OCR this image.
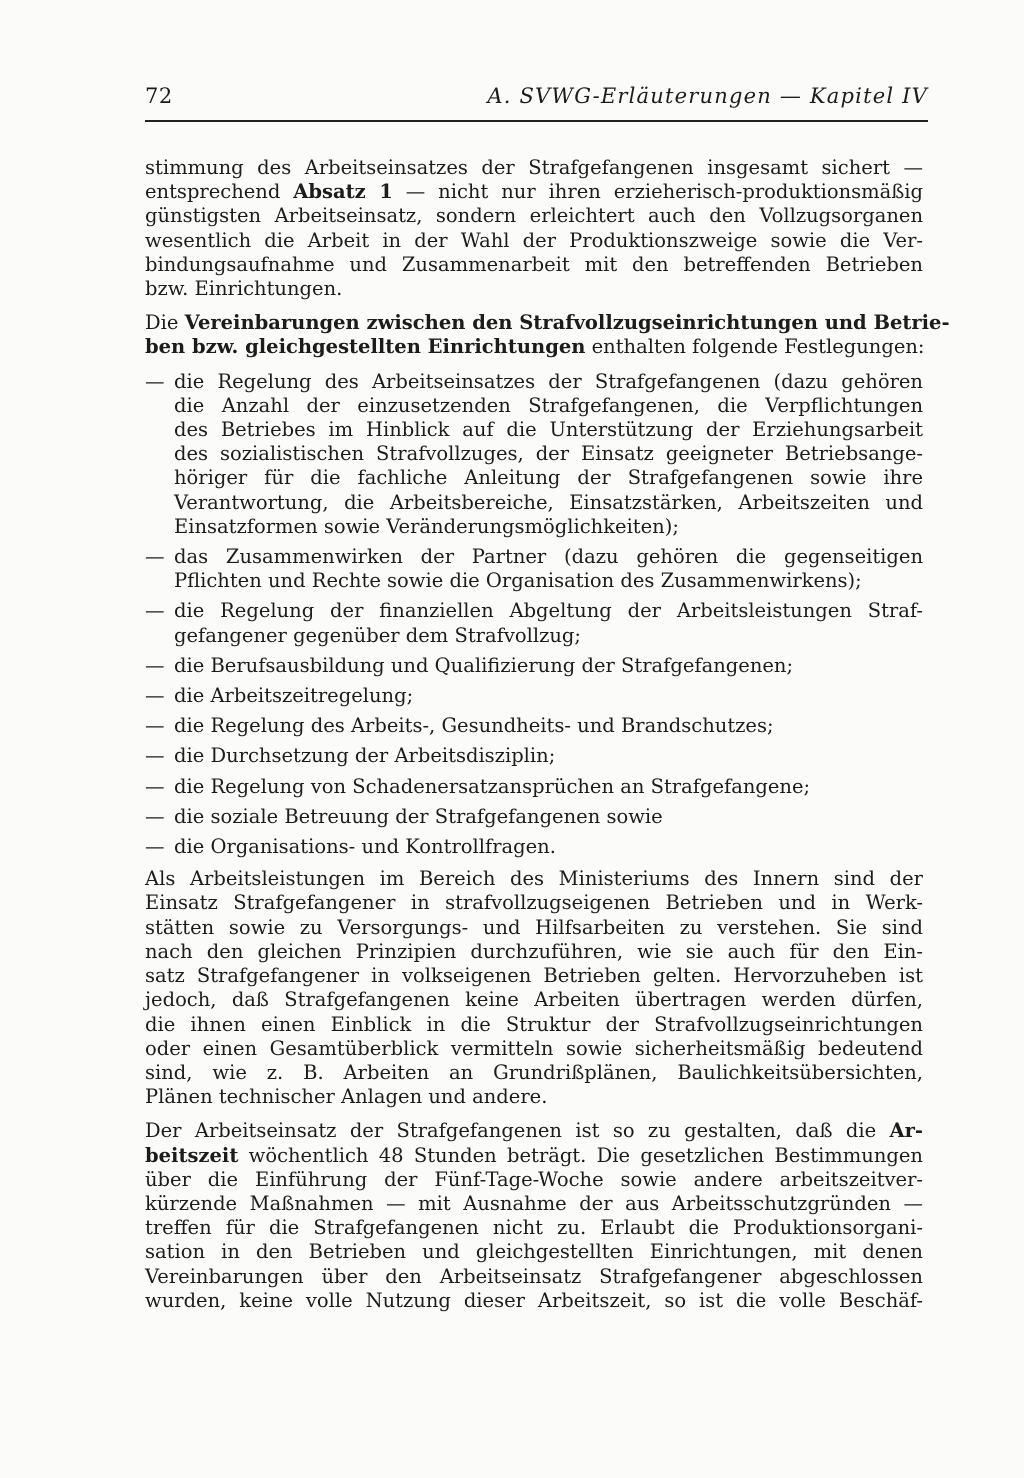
72	A. SVWG-Erläuterungen — Kapitel IV
stimmung des Arbeitseinsatzes der Strafgefangenen insgesamt sichert —
entsprechend Absatz 1 — nicht nur ihren erzieherisch-produktionsmäßig
günstigsten Arbeitseinsatz, sondern erleichtert auch den Vollzugsorganen
wesentlich die Arbeit in der Wahl der Produktionszweige sowie die Ver-
bindungsaufnahme und Zusammenarbeit mit den betreffenden Betrieben
bzw. Einrichtungen.
Die Vereinbarungen zwischen den Strafvollzugseinrichtungen und Betrie-
ben bzw. gleichgestellten Einrichtungen enthalten folgende Festlegungen:
— die Regelung des Arbeitseinsatzes der Strafgefangenen (dazu gehören
die Anzahl der einzusetzenden Strafgefangenen, die Verpflichtungen
des Betriebes im Hinblick auf die Unterstützung der Erziehungsarbeit
des sozialistischen Strafvollzuges, der Einsatz geeigneter Betriebsange-
höriger für die fachliche Anleitung der Strafgefangenen sowie ihre
Verantwortung, die Arbeitsbereiche, Einsatzstärken, Arbeitszeiten und
Einsatzformen sowie Veränderungsmöglichkeiten);
— das Zusammenwirken der Partner (dazu gehören die gegenseitigen
Pflichten und Rechte sowie die Organisation des Zusammenwirkens);
— die Regelung der finanziellen Abgeltung der Arbeitsleistungen Straf-
gefangener gegenüber dem Strafvollzug;
— die Berufsausbildung und Qualifizierung der Strafgefangenen;
— die Arbeitszeitregelung;
— die Regelung des Arbeits-, Gesundheits- und Brandschutzes;
— die Durchsetzung der Arbeitsdisziplin;
— die Regelung von Schadenersatzansprüchen an Strafgefangene;
— die soziale Betreuung der Strafgefangenen sowie
— die Organisations- und Kontrollfragen.
Als Arbeitsleistungen im Bereich des Ministeriums des Innern sind der
Einsatz Strafgefangener in strafvollzugseigenen Betrieben und in Werk-
stätten sowie zu Versorgungs- und Hilfsarbeiten zu verstehen. Sie sind
nach den gleichen Prinzipien durchzuführen, wie sie auch für den Ein-
satz Strafgefangener in volkseigenen Betrieben gelten. Hervorzuheben ist
jedoch, daß Strafgefangenen keine Arbeiten übertragen werden dürfen,
die ihnen einen Einblick in die Struktur der Strafvollzugseinrichtungen
oder einen Gesamtüberblick vermitteln sowie sicherheitsmäßig bedeutend
sind, wie z. B. Arbeiten an Grundrißplänen, Baulichkeitsübersichten,
Plänen technischer Anlagen und andere.
Der Arbeitseinsatz der Strafgefangenen ist so zu gestalten, daß die Ar-
beitszeit wöchentlich 48 Stunden beträgt. Die gesetzlichen Bestimmungen
über die Einführung der Fünf-Tage-Woche sowie andere arbeitszeitver-
kürzende Maßnahmen — mit Ausnahme der aus Arbeitsschutzgründen —
treffen für die Strafgefangenen nicht zu. Erlaubt die Produktionsorgani-
sation in den Betrieben und gleichgestellten Einrichtungen, mit denen
Vereinbarungen über den Arbeitseinsatz Strafgefangener abgeschlossen
wurden, keine volle Nutzung dieser Arbeitszeit, so ist die volle Beschäf-
